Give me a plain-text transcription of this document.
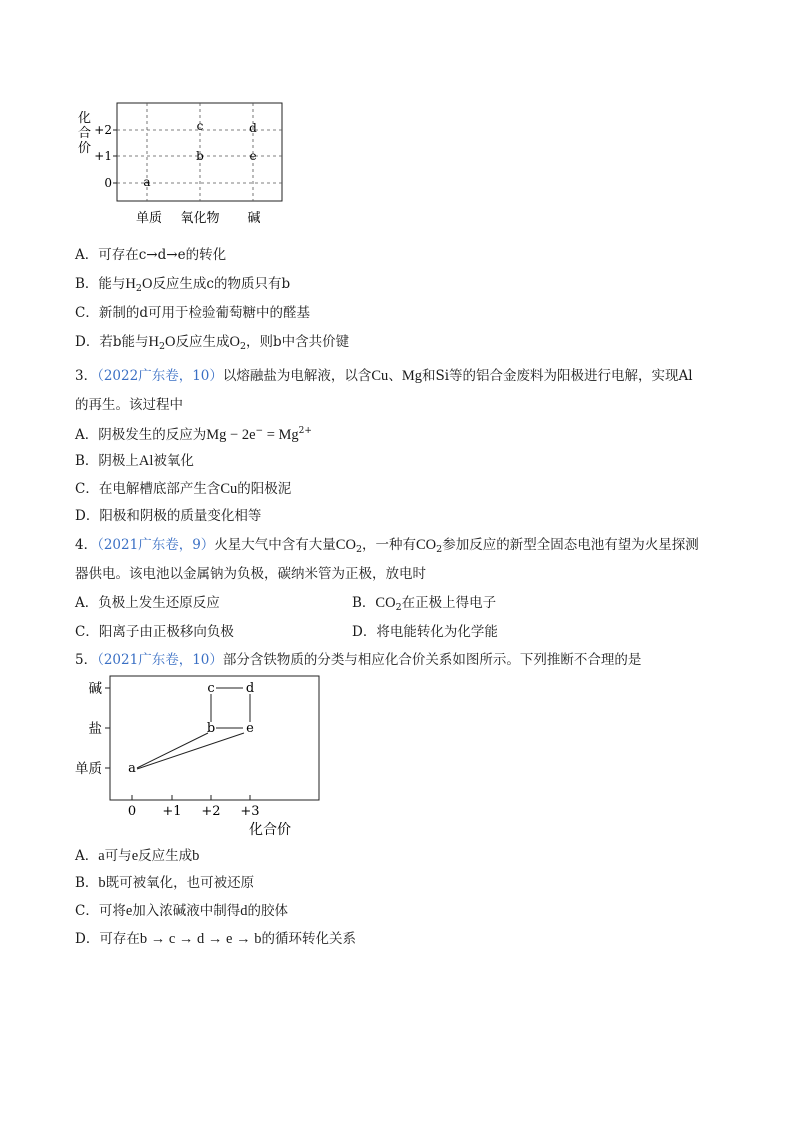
化
合
价
+2
+1
0	a
b
c
e
d
单质 氧化物 碱
A．可存在c→d→e的转化
B．能与$H_2O$反应生成c的物质只有b
C．新制的d可用于检验葡萄糖中的醛基
D．若b能与$H_2O$反应生成$O_2$，则b中含共价键
3．（2022广东卷，10）以熔融盐为电解液，以含Cu、Mg和Si等的铝合金废料为阳极进行电解，实现Al
的再生。该过程中
A．阴极发生的反应为$Mg - 2e^- = Mg^{2+}$
B．阴极上Al被氧化
C．在电解槽底部产生含Cu的阳极泥
D．阳极和阴极的质量变化相等
4．（2021广东卷，9）火星大气中含有大量$CO_2$，一种有$CO_2$参加反应的新型全固态电池有望为火星探测
器供电。该电池以金属钠为负极，碳纳米管为正极，放电时
A．负极上发生还原反应	B．$CO_2$在正极上得电子
C．阳离子由正极移向负极	D．将电能转化为化学能
5．（2021广东卷，10）部分含铁物质的分类与相应化合价关系如图所示。下列推断不合理的是
碱
盐
单质 a
b e
c d
0 +1 +2 +3
化合价
A．a可与e反应生成b
B．b既可被氧化，也可被还原
C．可将e加入浓碱液中制得d的胶体
D．可存在b → c → d → e → b的循环转化关系
